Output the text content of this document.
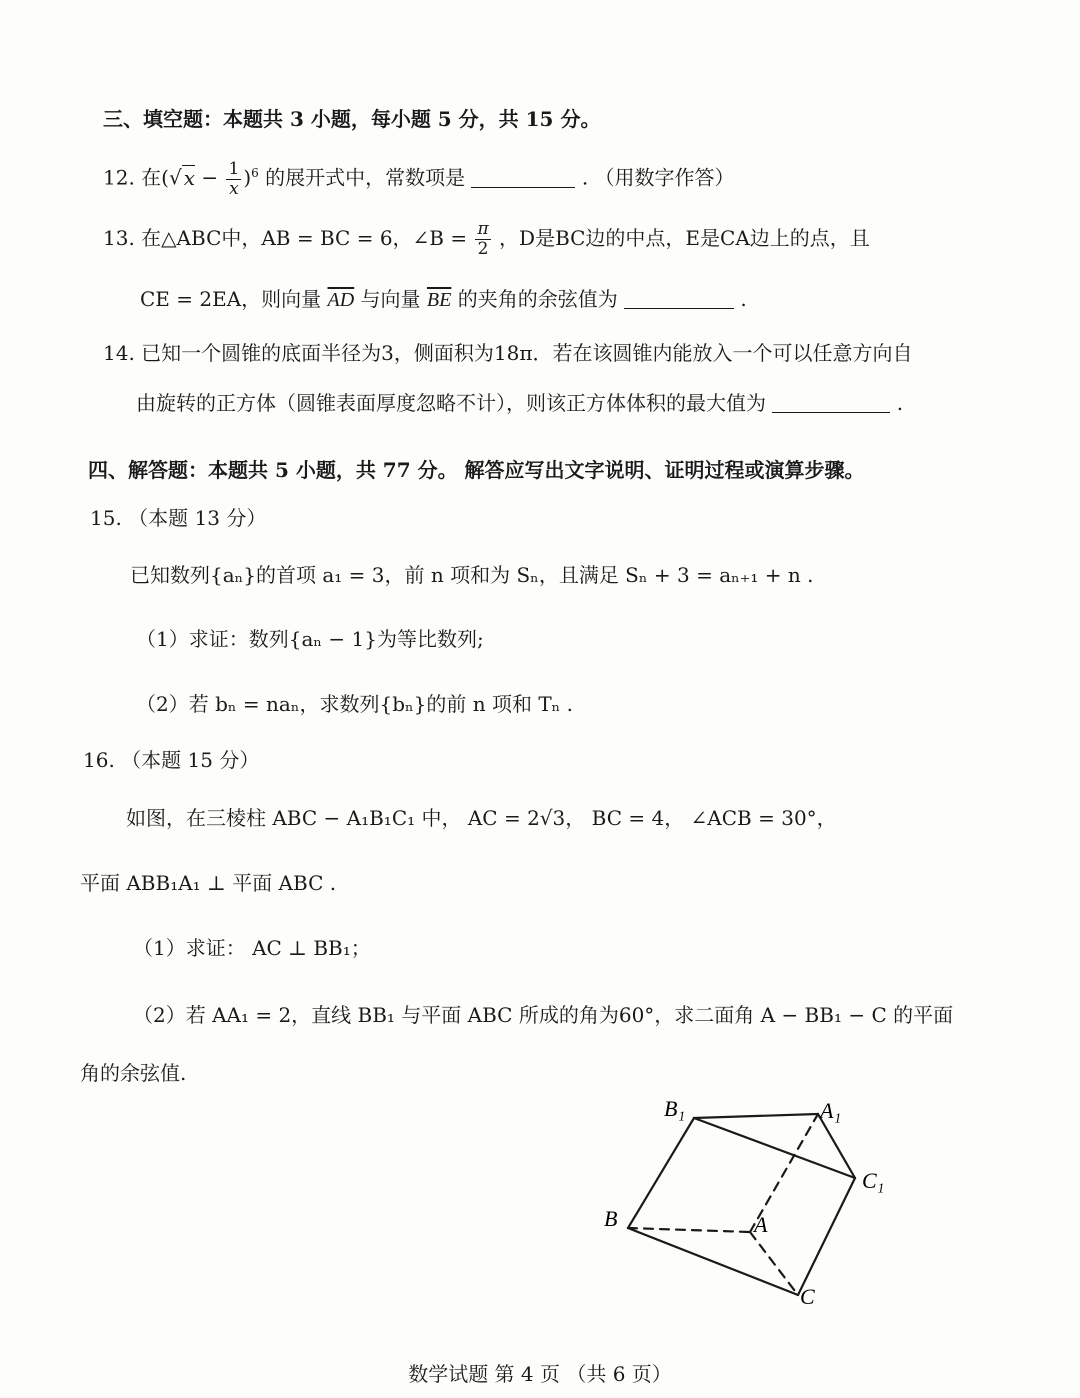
三、填空题：本题共 3 小题，每小题 5 分，共 15 分。
12. 在(√ $x - \frac{1}{x} )^6$ 的展开式中，常数项是	. （用数字作答）
13. 在△ABC中，AB = BC = 6，∠B = $\frac{\pi}{2}$ ，D是BC边的中点，E是CA边上的点，且
CE = 2EA，则向量 $\overline{AD}$ 与向量 $\overline{BE}$ 的夹角的余弦值为	.
14. 已知一个圆锥的底面半径为3，侧面积为18π．若在该圆锥内能放入一个可以任意方向自
由旋转的正方体（圆锥表面厚度忽略不计），则该正方体体积的最大值为	.
四、解答题：本题共 5 小题，共 77 分。 解答应写出文字说明、证明过程或演算步骤。
15. （本题 13 分）
已知数列{aₙ}的首项 a₁ = 3，前 n 项和为 Sₙ，且满足 Sₙ + 3 = aₙ₊₁ + n .
（1）求证：数列{aₙ − 1}为等比数列;
（2）若 bₙ = naₙ，求数列{bₙ}的前 n 项和 Tₙ .
16. （本题 15 分）
如图，在三棱柱 ABC − A₁B₁C₁ 中， AC = 2√3， BC = 4， ∠ACB = 30°，
平面 ABB₁A₁ ⊥ 平面 ABC .
（1）求证： AC ⊥ BB₁；
（2）若 AA₁ = 2，直线 BB₁ 与平面 ABC 所成的角为60°，求二面角 A − BB₁ − C 的平面
角的余弦值.
B₁	A₁
C₁
B	A
C
数学试题 第 4 页 （共 6 页）
